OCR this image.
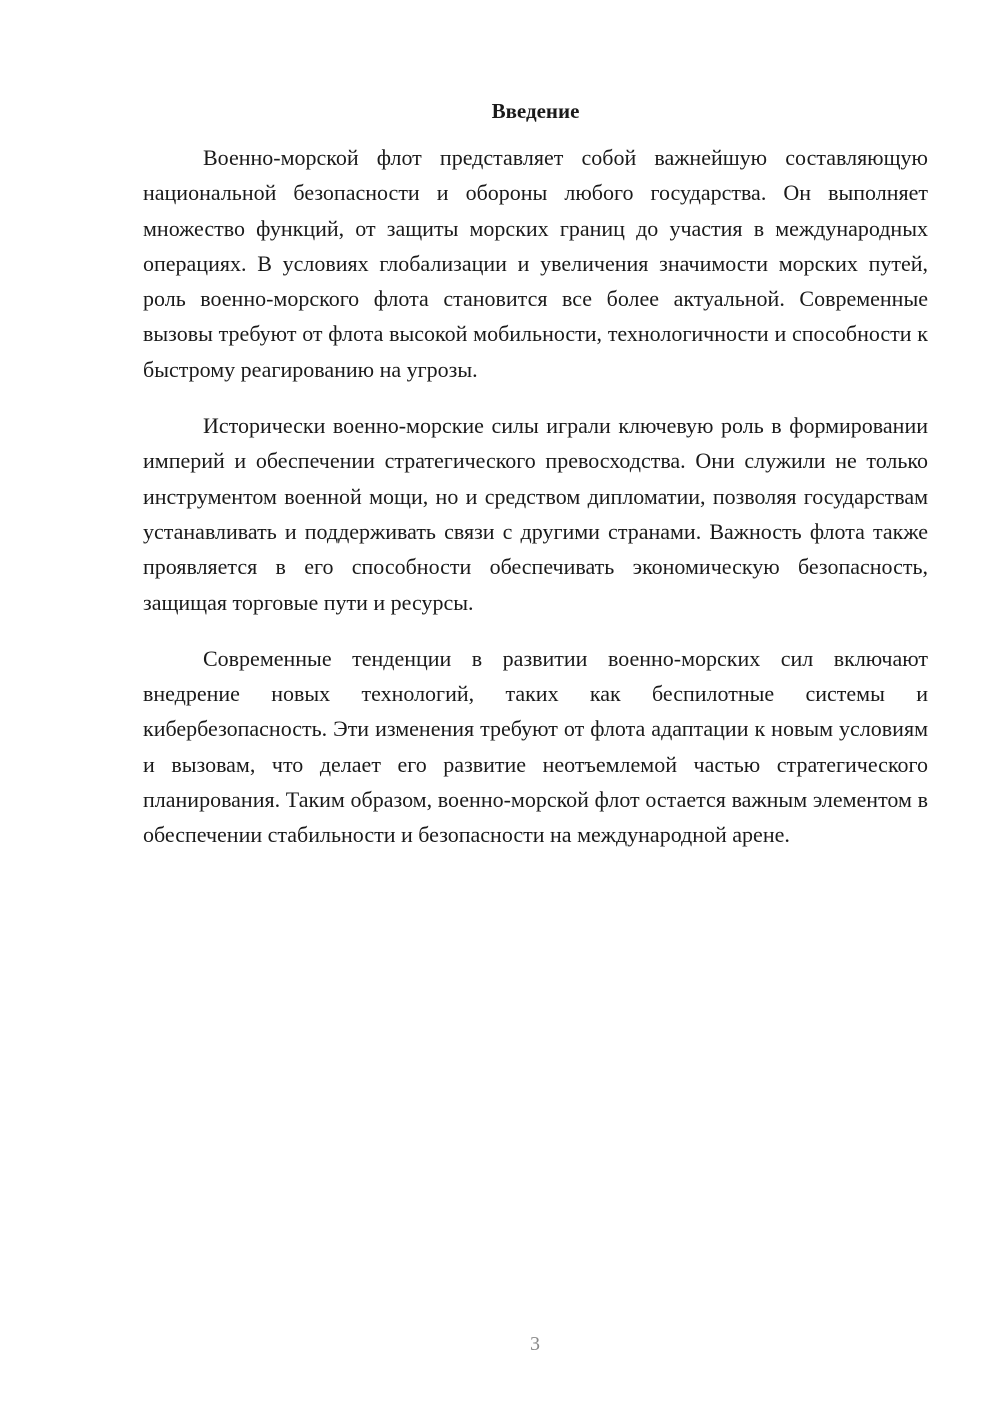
Введение

Военно-морской флот представляет собой важнейшую составляющую национальной безопасности и обороны любого государства. Он выполняет множество функций, от защиты морских границ до участия в международных операциях. В условиях глобализации и увеличения значимости морских путей, роль военно-морского флота становится все более актуальной. Современные вызовы требуют от флота высокой мобильности, технологичности и способности к быстрому реагированию на угрозы.

Исторически военно-морские силы играли ключевую роль в формировании империй и обеспечении стратегического превосходства. Они служили не только инструментом военной мощи, но и средством дипломатии, позволяя государствам устанавливать и поддерживать связи с другими странами. Важность флота также проявляется в его способности обеспечивать экономическую безопасность, защищая торговые пути и ресурсы.

Современные тенденции в развитии военно-морских сил включают внедрение новых технологий, таких как беспилотные системы и кибербезопасность. Эти изменения требуют от флота адаптации к новым условиям и вызовам, что делает его развитие неотъемлемой частью стратегического планирования. Таким образом, военно-морской флот остается важным элементом в обеспечении стабильности и безопасности на международной арене.

3
